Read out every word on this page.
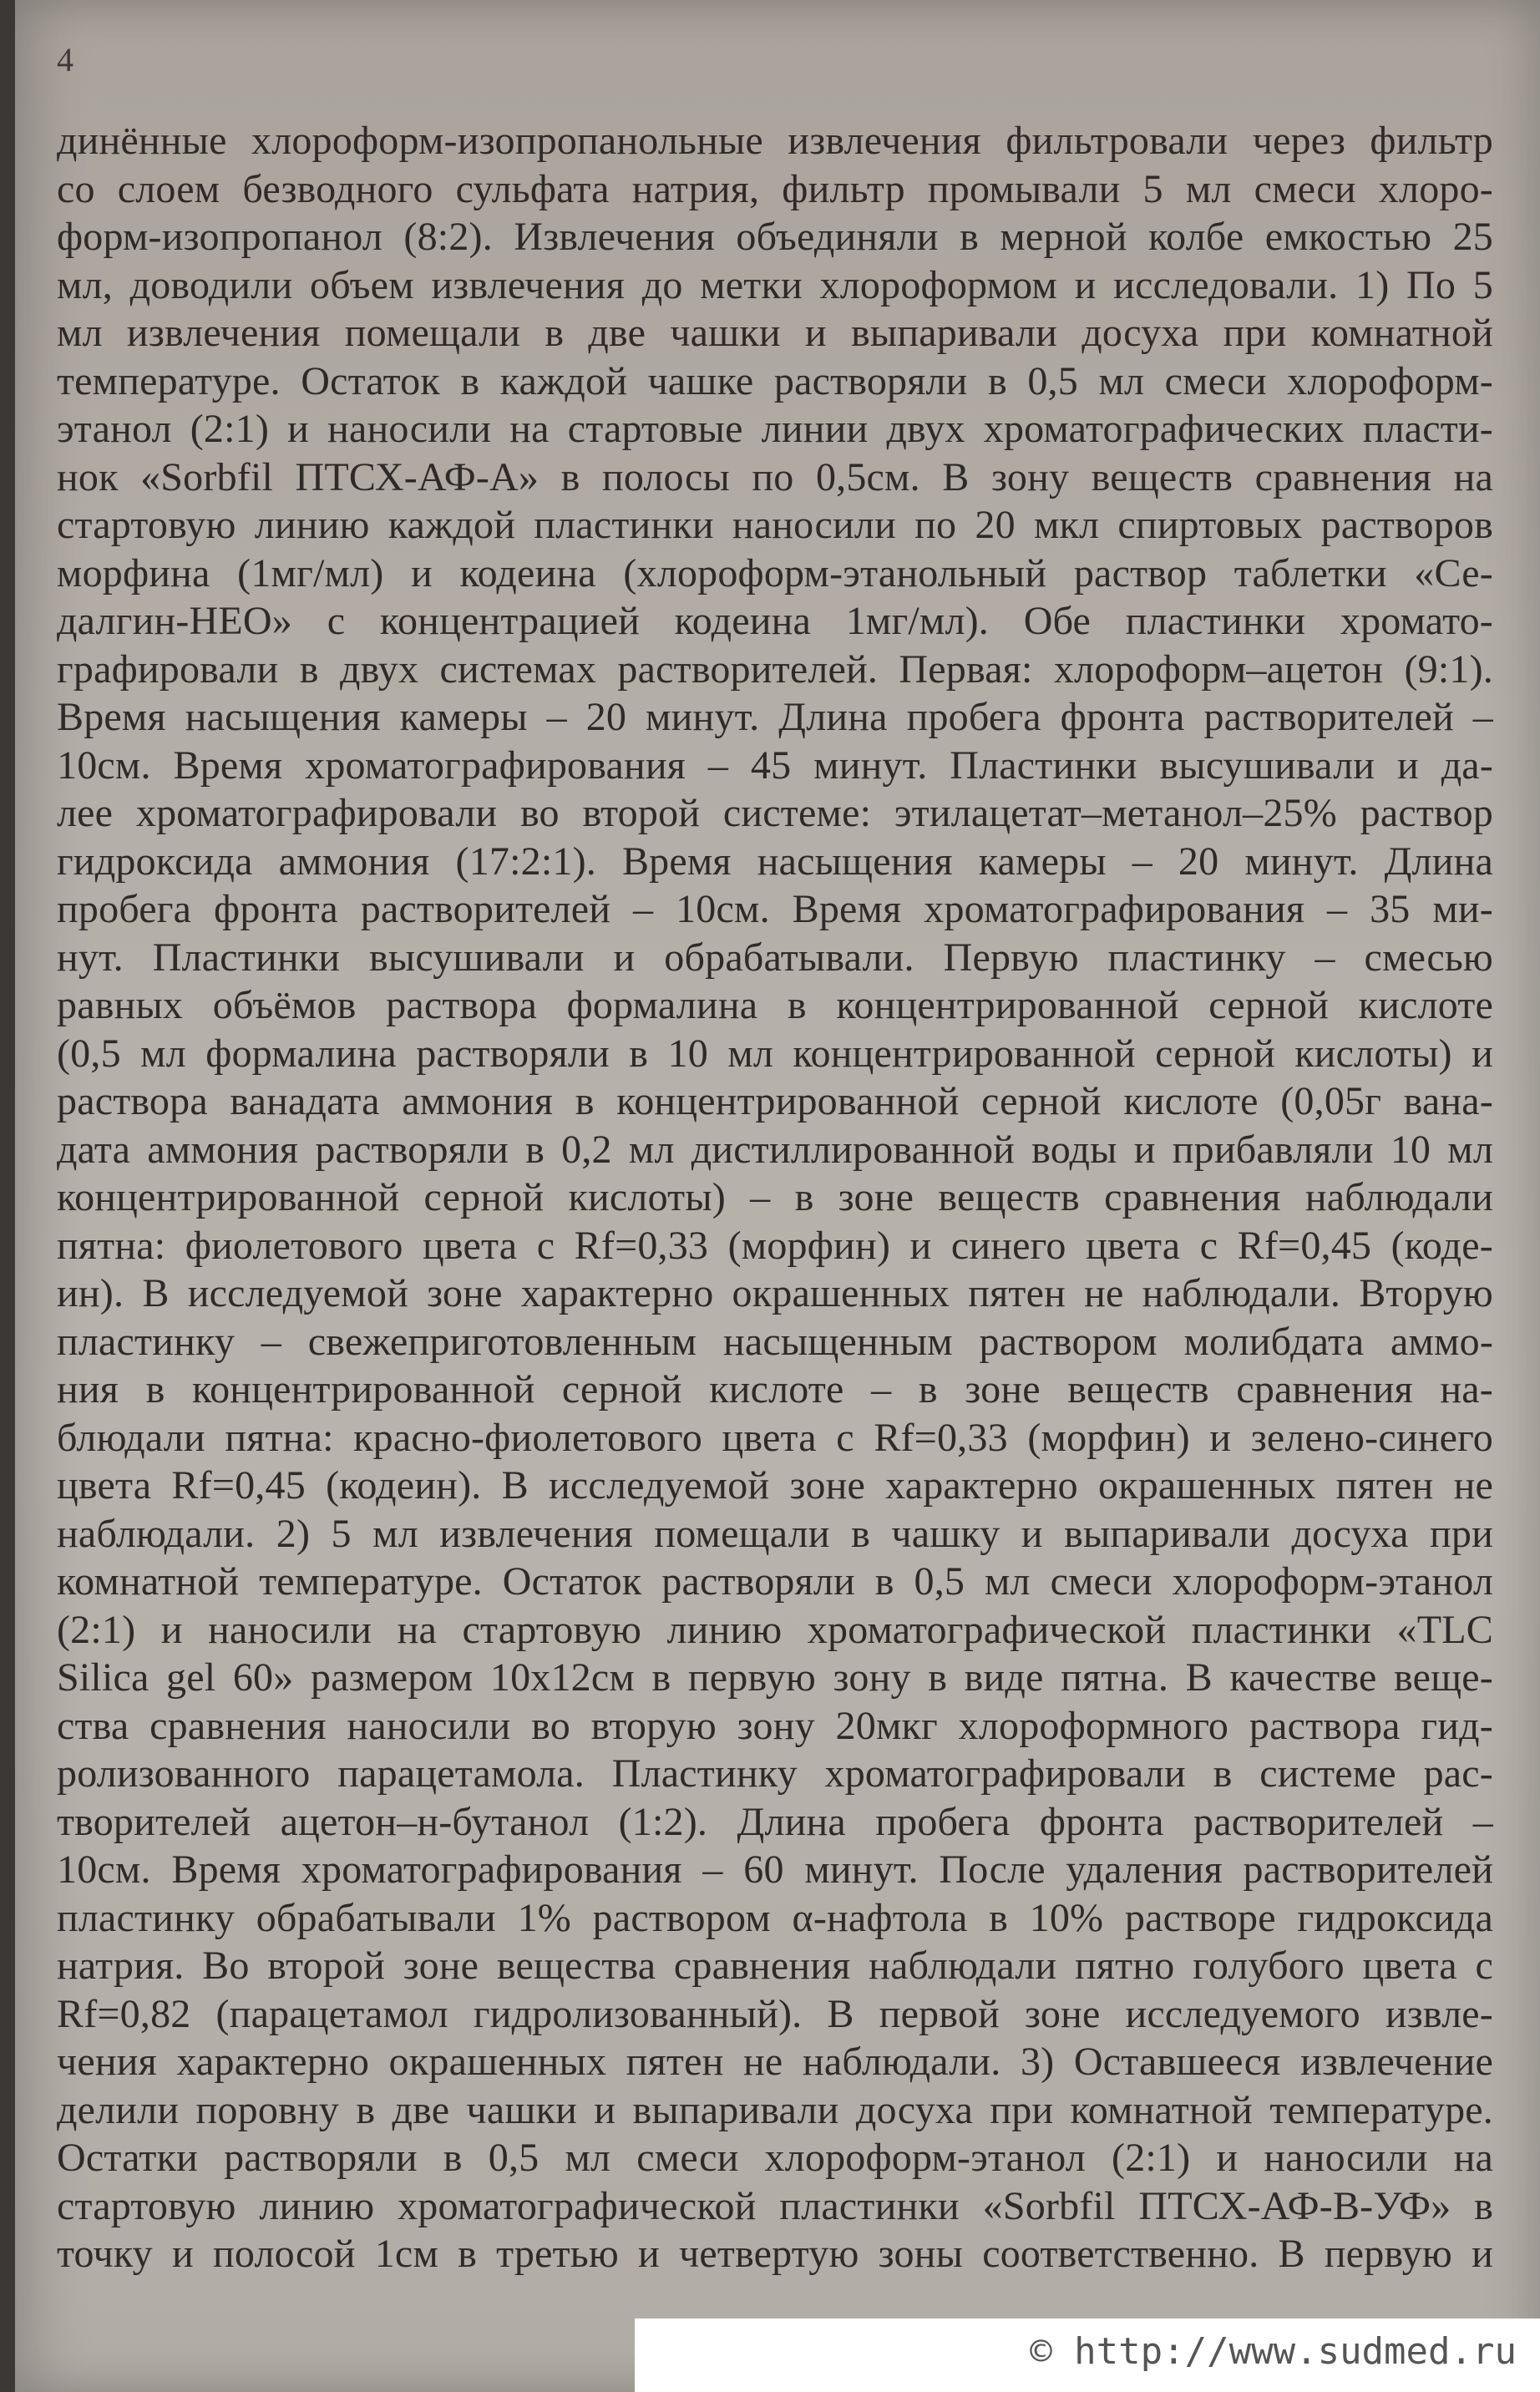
4

динённые хлороформ-изопропанольные извлечения фильтровали через фильтр
со слоем безводного сульфата натрия, фильтр промывали 5 мл смеси хлоро-
форм-изопропанол (8:2). Извлечения объединяли в мерной колбе емкостью 25
мл, доводили объем извлечения до метки хлороформом и исследовали. 1) По 5
мл извлечения помещали в две чашки и выпаривали досуха при комнатной
температуре. Остаток в каждой чашке растворяли в 0,5 мл смеси хлороформ-
этанол (2:1) и наносили на стартовые линии двух хроматографических пласти-
нок «Sorbfil ПТСХ-АФ-А» в полосы по 0,5см. В зону веществ сравнения на
стартовую линию каждой пластинки наносили по 20 мкл спиртовых растворов
морфина (1мг/мл) и кодеина (хлороформ-этанольный раствор таблетки «Се-
далгин-НЕО» с концентрацией кодеина 1мг/мл). Обе пластинки хромато-
графировали в двух системах растворителей. Первая: хлороформ–ацетон (9:1).
Время насыщения камеры – 20 минут. Длина пробега фронта растворителей –
10см. Время хроматографирования – 45 минут. Пластинки высушивали и да-
лее хроматографировали во второй системе: этилацетат–метанол–25% раствор
гидроксида аммония (17:2:1). Время насыщения камеры – 20 минут. Длина
пробега фронта растворителей – 10см. Время хроматографирования – 35 ми-
нут. Пластинки высушивали и обрабатывали. Первую пластинку – смесью
равных объёмов раствора формалина в концентрированной серной кислоте
(0,5 мл формалина растворяли в 10 мл концентрированной серной кислоты) и
раствора ванадата аммония в концентрированной серной кислоте (0,05г вана-
дата аммония растворяли в 0,2 мл дистиллированной воды и прибавляли 10 мл
концентрированной серной кислоты) – в зоне веществ сравнения наблюдали
пятна: фиолетового цвета с Rf=0,33 (морфин) и синего цвета с Rf=0,45 (коде-
ин). В исследуемой зоне характерно окрашенных пятен не наблюдали. Вторую
пластинку – свежеприготовленным насыщенным раствором молибдата аммо-
ния в концентрированной серной кислоте – в зоне веществ сравнения на-
блюдали пятна: красно-фиолетового цвета с Rf=0,33 (морфин) и зелено-синего
цвета Rf=0,45 (кодеин). В исследуемой зоне характерно окрашенных пятен не
наблюдали. 2) 5 мл извлечения помещали в чашку и выпаривали досуха при
комнатной температуре. Остаток растворяли в 0,5 мл смеси хлороформ-этанол
(2:1) и наносили на стартовую линию хроматографической пластинки «TLC
Silica gel 60» размером 10х12см в первую зону в виде пятна. В качестве веще-
ства сравнения наносили во вторую зону 20мкг хлороформного раствора гид-
ролизованного парацетамола. Пластинку хроматографировали в системе рас-
творителей ацетон–н-бутанол (1:2). Длина пробега фронта растворителей –
10см. Время хроматографирования – 60 минут. После удаления растворителей
пластинку обрабатывали 1% раствором α-нафтола в 10% растворе гидроксида
натрия. Во второй зоне вещества сравнения наблюдали пятно голубого цвета с
Rf=0,82 (парацетамол гидролизованный). В первой зоне исследуемого извле-
чения характерно окрашенных пятен не наблюдали. 3) Оставшееся извлечение
делили поровну в две чашки и выпаривали досуха при комнатной температуре.
Остатки растворяли в 0,5 мл смеси хлороформ-этанол (2:1) и наносили на
стартовую линию хроматографической пластинки «Sorbfil ПТСХ-АФ-В-УФ» в
точку и полосой 1см в третью и четвертую зоны соответственно. В первую и

© http://www.sudmed.ru
